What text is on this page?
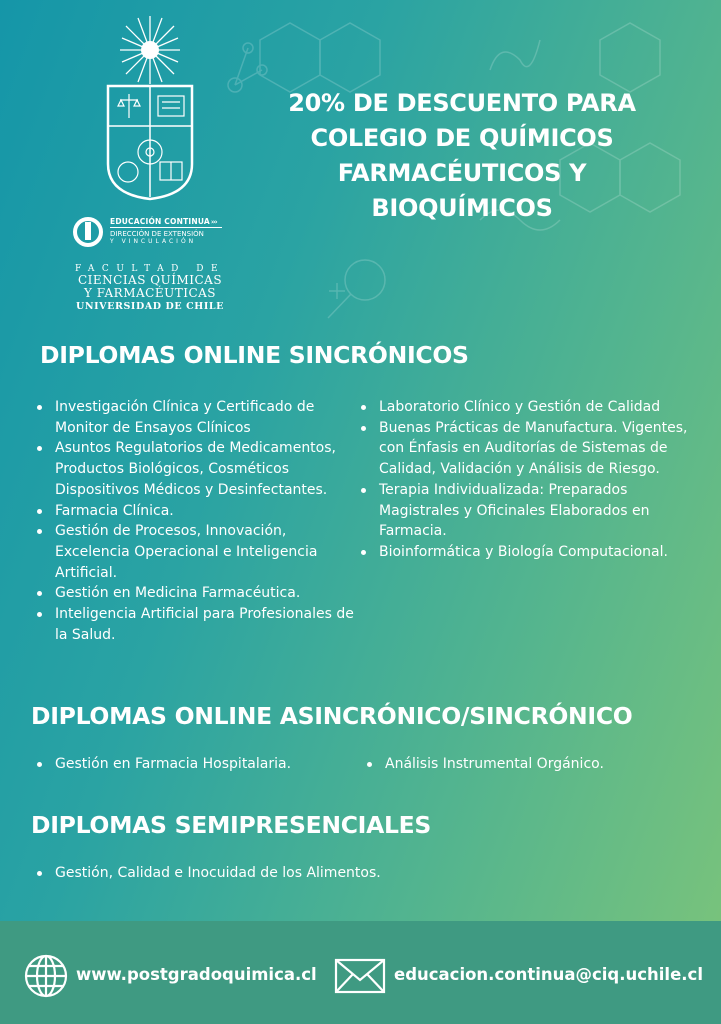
EDUCACIÓN CONTINUA›››
DIRECCIÓN DE EXTENSIÓN
Y VINCULACIÓN
FACULTAD DE
CIENCIAS QUÍMICAS
Y FARMACÉUTICAS
UNIVERSIDAD DE CHILE
20% DE DESCUENTO PARA COLEGIO DE QUÍMICOS FARMACÉUTICOS Y BIOQUÍMICOS
DIPLOMAS ONLINE SINCRÓNICOS
Investigación Clínica y Certificado de Monitor de Ensayos Clínicos
Asuntos Regulatorios de Medicamentos, Productos Biológicos, Cosméticos Dispositivos Médicos y Desinfectantes.
Farmacia Clínica.
Gestión de Procesos, Innovación, Excelencia Operacional e Inteligencia Artificial.
Gestión en Medicina Farmacéutica.
Inteligencia Artificial para Profesionales de la Salud.
Laboratorio Clínico y Gestión de Calidad
Buenas Prácticas de Manufactura. Vigentes, con Énfasis en Auditorías de Sistemas de Calidad, Validación y Análisis de Riesgo.
Terapia Individualizada: Preparados Magistrales y Oficinales Elaborados en Farmacia.
Bioinformática y Biología Computacional.
DIPLOMAS ONLINE ASINCRÓNICO/SINCRÓNICO
Gestión en Farmacia Hospitalaria.	Análisis Instrumental Orgánico.
DIPLOMAS SEMIPRESENCIALES
Gestión, Calidad e Inocuidad de los Alimentos.
www.postgradoquimica.cl	educacion.continua@ciq.uchile.cl
